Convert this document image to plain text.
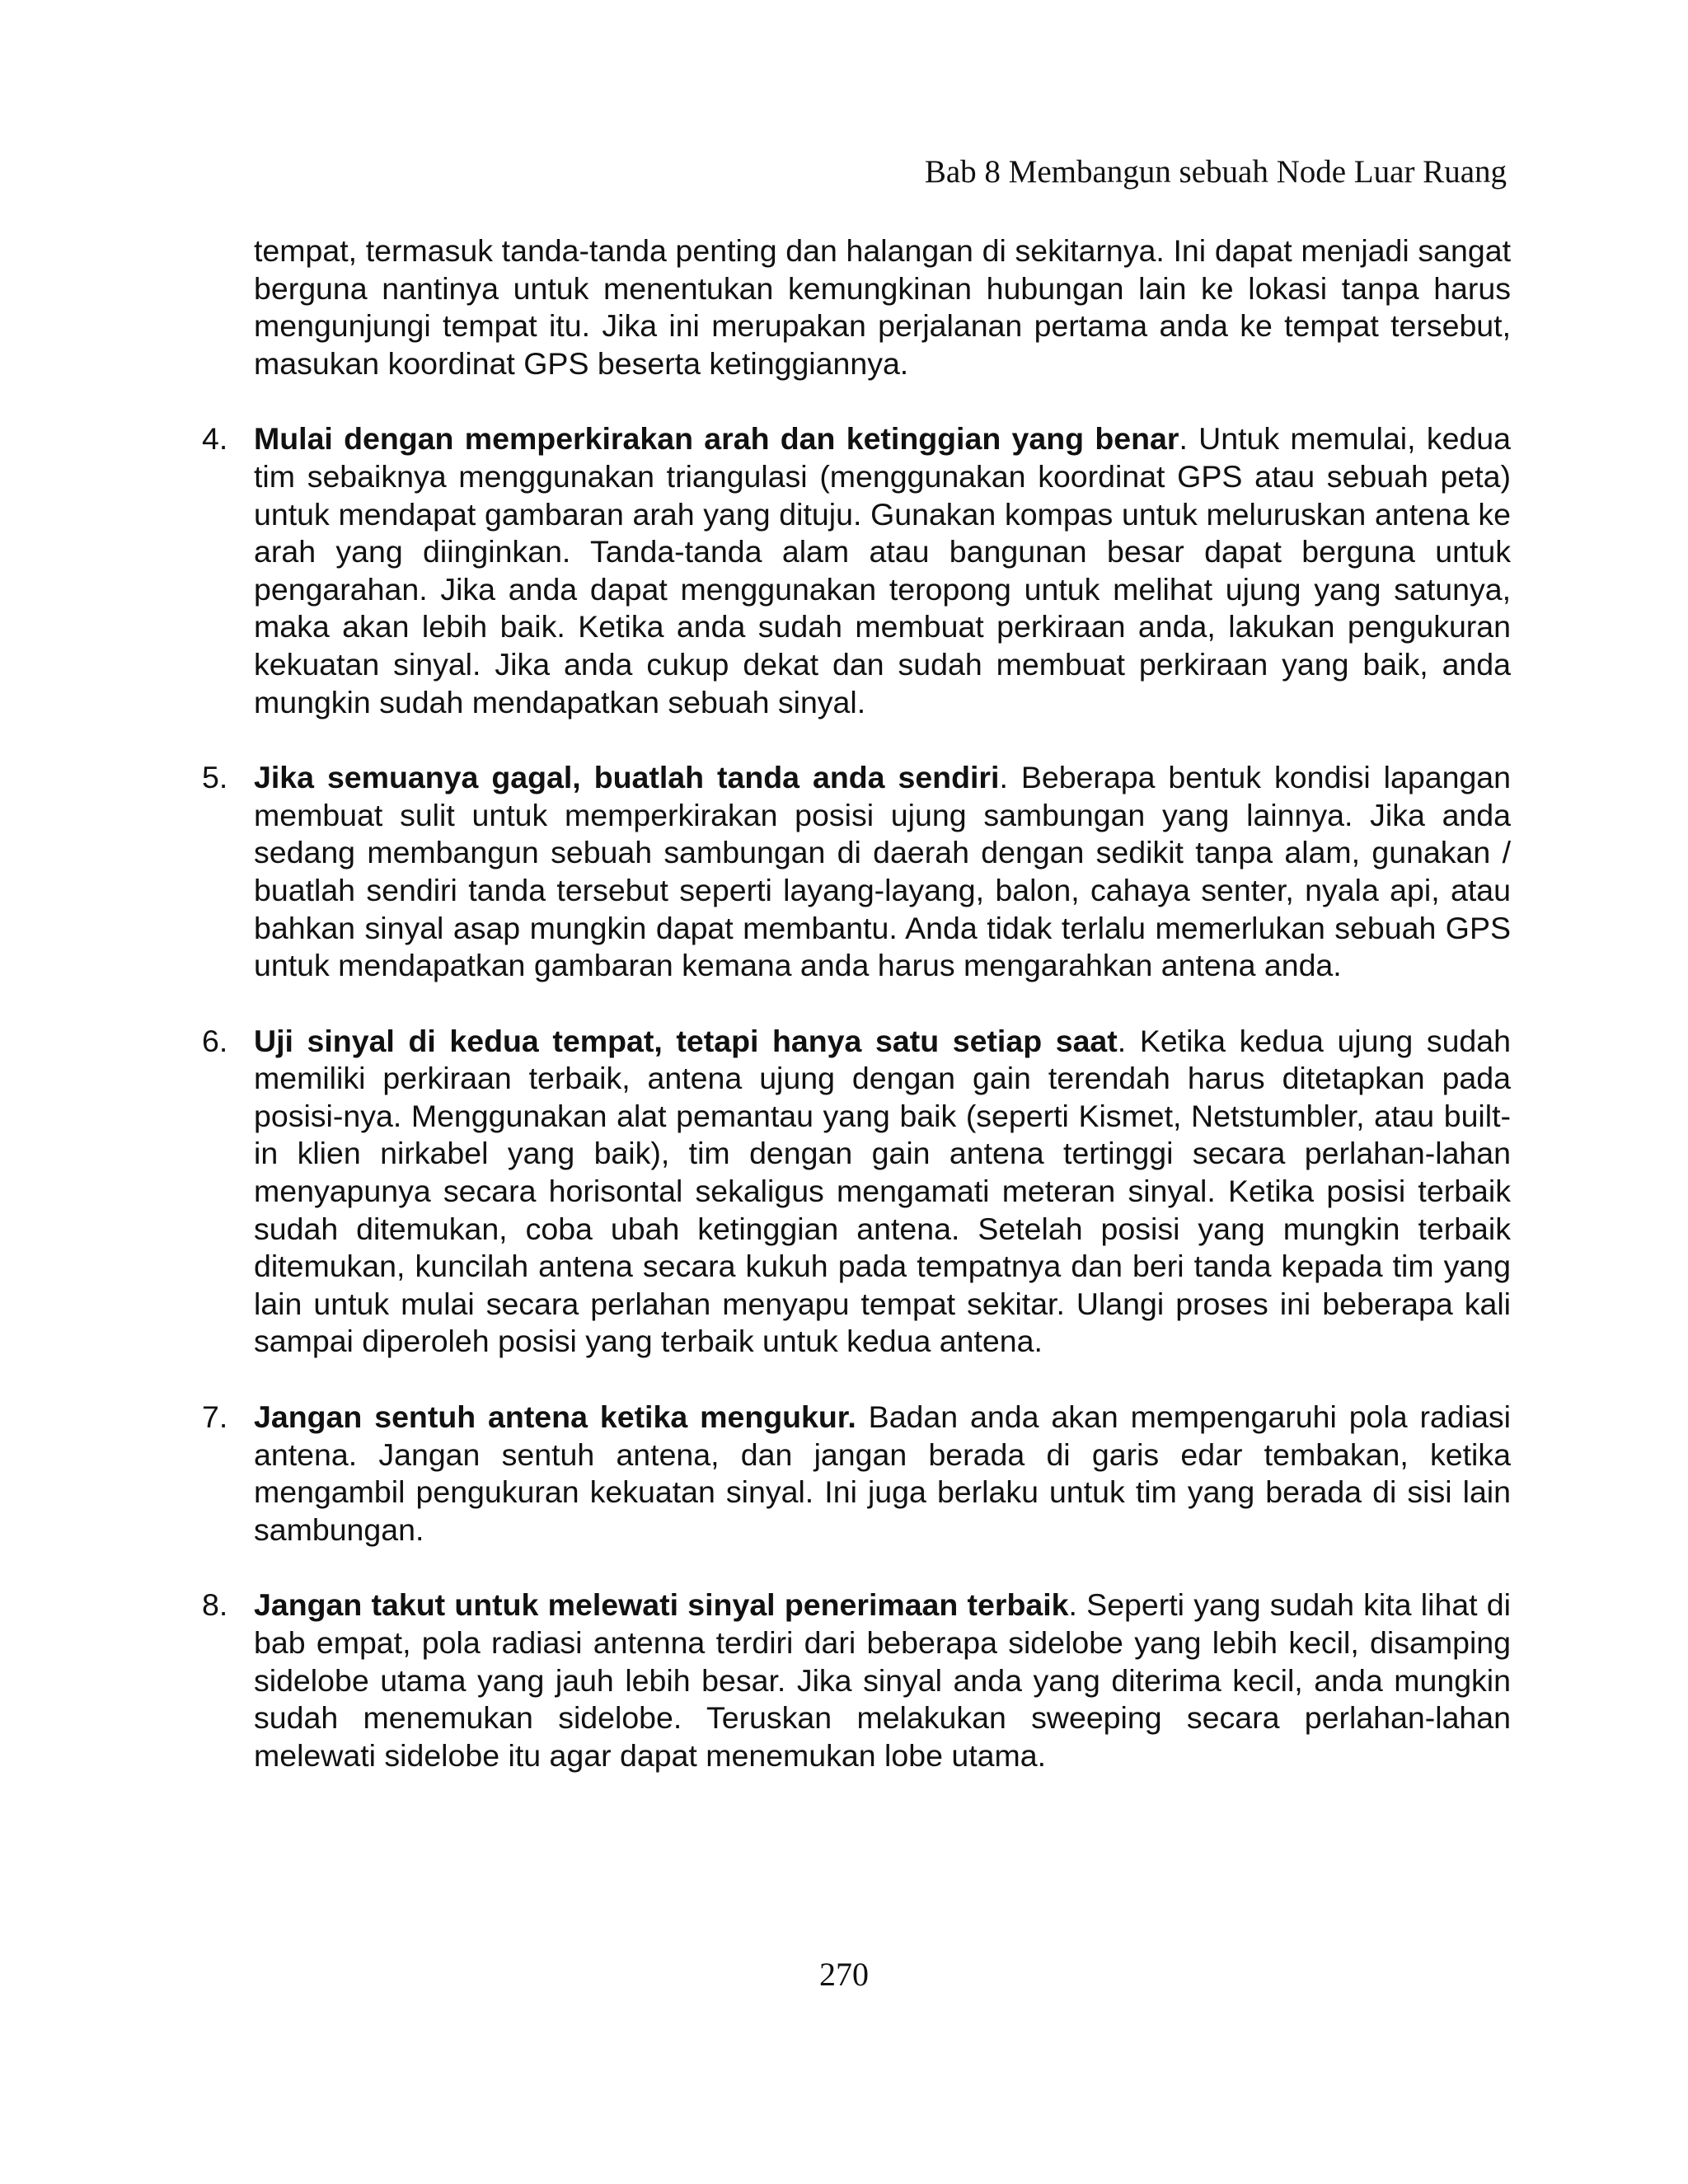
Bab 8 Membangun sebuah Node Luar Ruang

tempat, termasuk tanda-tanda penting dan halangan di sekitarnya. Ini dapat menjadi sangat berguna nantinya untuk menentukan kemungkinan hubungan lain ke lokasi tanpa harus mengunjungi tempat itu. Jika ini merupakan perjalanan pertama anda ke tempat tersebut, masukan koordinat GPS beserta ketinggiannya.

4. Mulai dengan memperkirakan arah dan ketinggian yang benar. Untuk memulai, kedua tim sebaiknya menggunakan triangulasi (menggunakan koordinat GPS atau sebuah peta) untuk mendapat gambaran arah yang dituju. Gunakan kompas untuk meluruskan antena ke arah yang diinginkan. Tanda-tanda alam atau bangunan besar dapat berguna untuk pengarahan. Jika anda dapat menggunakan teropong untuk melihat ujung yang satunya, maka akan lebih baik. Ketika anda sudah membuat perkiraan anda, lakukan pengukuran kekuatan sinyal. Jika anda cukup dekat dan sudah membuat perkiraan yang baik, anda mungkin sudah mendapatkan sebuah sinyal.
5. Jika semuanya gagal, buatlah tanda anda sendiri. Beberapa bentuk kondisi lapangan membuat sulit untuk memperkirakan posisi ujung sambungan yang lainnya. Jika anda sedang membangun sebuah sambungan di daerah dengan sedikit tanpa alam, gunakan / buatlah sendiri tanda tersebut seperti layang-layang, balon, cahaya senter, nyala api, atau bahkan sinyal asap mungkin dapat membantu. Anda tidak terlalu memerlukan sebuah GPS untuk mendapatkan gambaran kemana anda harus mengarahkan antena anda.
6. Uji sinyal di kedua tempat, tetapi hanya satu setiap saat. Ketika kedua ujung sudah memiliki perkiraan terbaik, antena ujung dengan gain terendah harus ditetapkan pada posisi-nya. Menggunakan alat pemantau yang baik (seperti Kismet, Netstumbler, atau built-in klien nirkabel yang baik), tim dengan gain antena tertinggi secara perlahan-lahan menyapunya secara horisontal sekaligus mengamati meteran sinyal. Ketika posisi terbaik sudah ditemukan, coba ubah ketinggian antena. Setelah posisi yang mungkin terbaik ditemukan, kuncilah antena secara kukuh pada tempatnya dan beri tanda kepada tim yang lain untuk mulai secara perlahan menyapu tempat sekitar. Ulangi proses ini beberapa kali sampai diperoleh posisi yang terbaik untuk kedua antena.
7. Jangan sentuh antena ketika mengukur. Badan anda akan mempengaruhi pola radiasi antena. Jangan sentuh antena, dan jangan berada di garis edar tembakan, ketika mengambil pengukuran kekuatan sinyal. Ini juga berlaku untuk tim yang berada di sisi lain sambungan.
8. Jangan takut untuk melewati sinyal penerimaan terbaik. Seperti yang sudah kita lihat di bab empat, pola radiasi antenna terdiri dari beberapa sidelobe yang lebih kecil, disamping sidelobe utama yang jauh lebih besar. Jika sinyal anda yang diterima kecil, anda mungkin sudah menemukan sidelobe. Teruskan melakukan sweeping secara perlahan-lahan melewati sidelobe itu agar dapat menemukan lobe utama.
270
